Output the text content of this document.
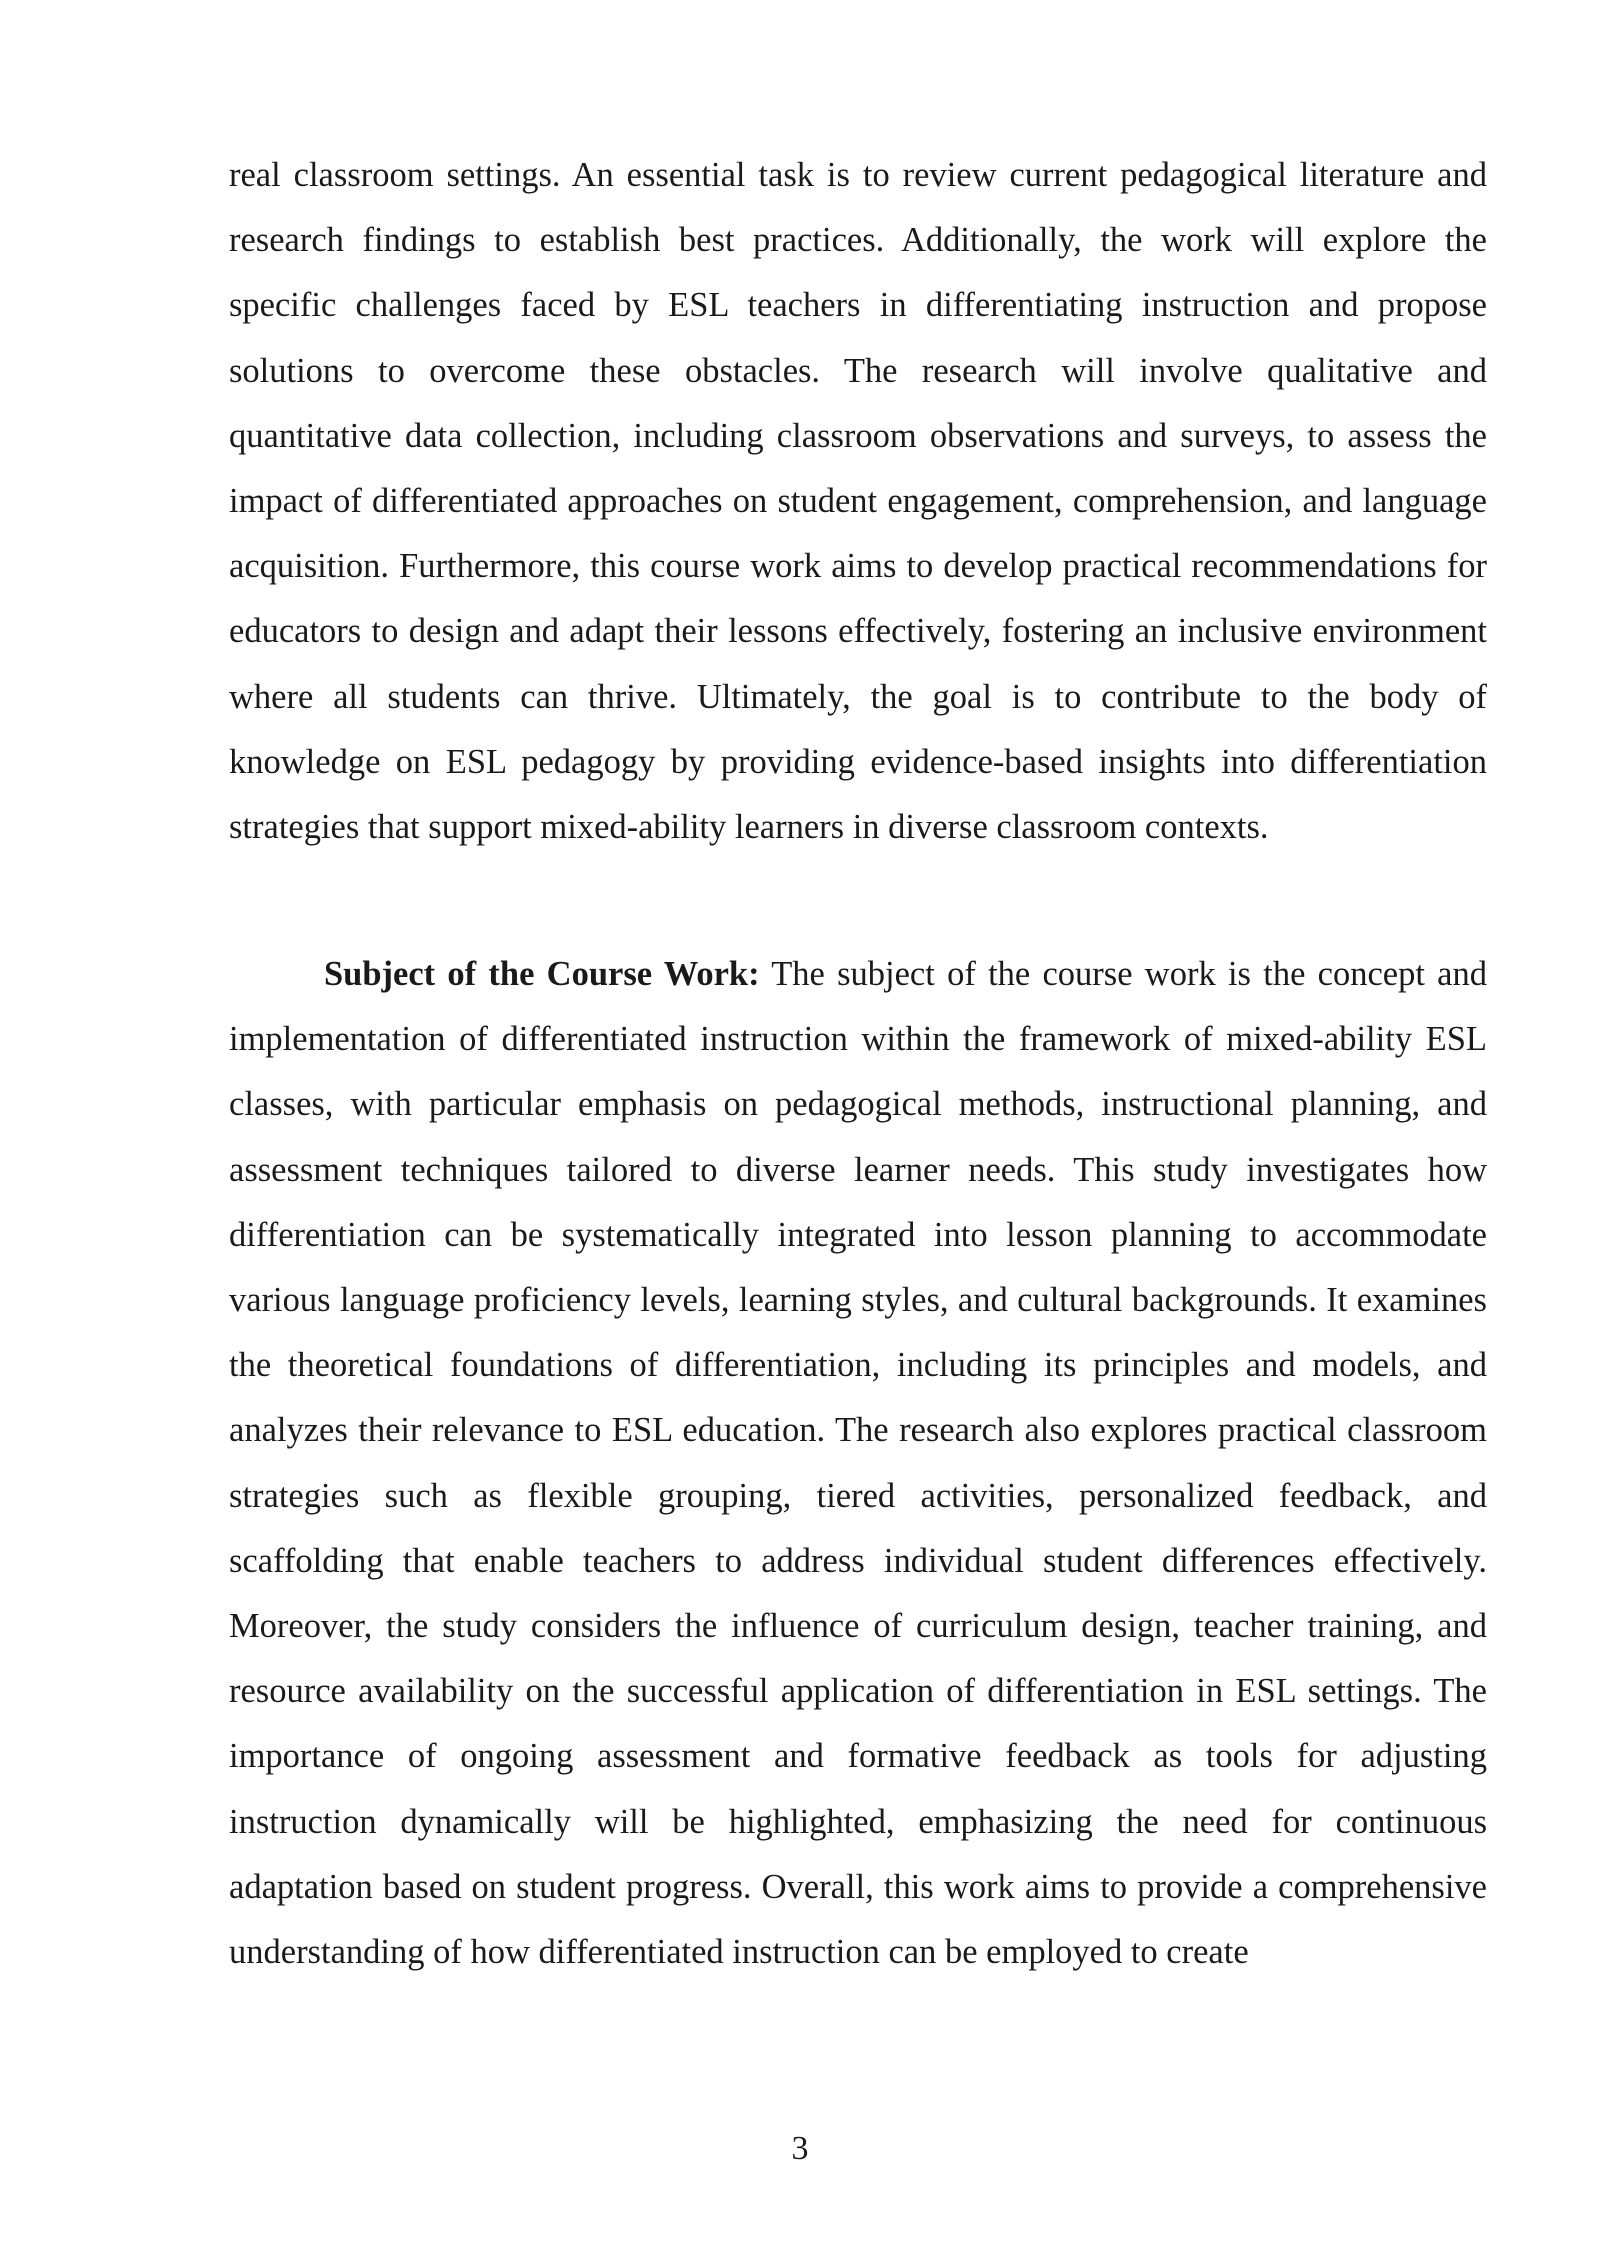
real classroom settings. An essential task is to review current pedagogical literature and research findings to establish best practices. Additionally, the work will explore the specific challenges faced by ESL teachers in differentiating instruction and propose solutions to overcome these obstacles. The research will involve qualitative and quantitative data collection, including classroom observations and surveys, to assess the impact of differentiated approaches on student engagement, comprehension, and language acquisition. Furthermore, this course work aims to develop practical recommendations for educators to design and adapt their lessons effectively, fostering an inclusive environment where all students can thrive. Ultimately, the goal is to contribute to the body of knowledge on ESL pedagogy by providing evidence-based insights into differentiation strategies that support mixed-ability learners in diverse classroom contexts.

Subject of the Course Work: The subject of the course work is the concept and implementation of differentiated instruction within the framework of mixed-ability ESL classes, with particular emphasis on pedagogical methods, instructional planning, and assessment techniques tailored to diverse learner needs. This study investigates how differentiation can be systematically integrated into lesson planning to accommodate various language proficiency levels, learning styles, and cultural backgrounds. It examines the theoretical foundations of differentiation, including its principles and models, and analyzes their relevance to ESL education. The research also explores practical classroom strategies such as flexible grouping, tiered activities, personalized feedback, and scaffolding that enable teachers to address individual student differences effectively. Moreover, the study considers the influence of curriculum design, teacher training, and resource availability on the successful application of differentiation in ESL settings. The importance of ongoing assessment and formative feedback as tools for adjusting instruction dynamically will be highlighted, emphasizing the need for continuous adaptation based on student progress. Overall, this work aims to provide a comprehensive understanding of how differentiated instruction can be employed to create

3
